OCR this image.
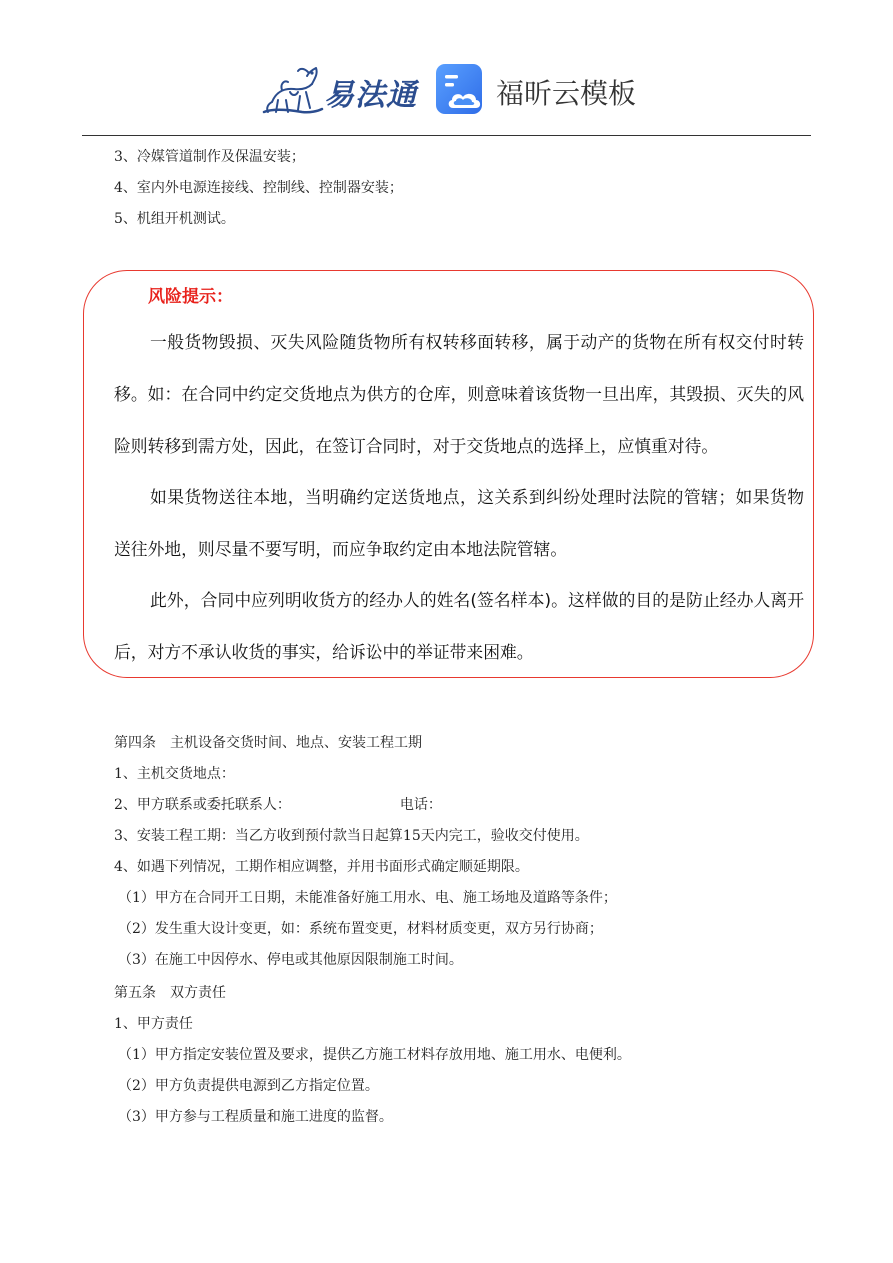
易法通	福昕云模板
3、冷媒管道制作及保温安装；
4、室内外电源连接线、控制线、控制器安装；
5、机组开机测试。
风险提示：
一般货物毁损、灭失风险随货物所有权转移面转移，属于动产的货物在所有权交付时转移。如：在合同中约定交货地点为供方的仓库，则意味着该货物一旦出库，其毁损、灭失的风险则转移到需方处，因此，在签订合同时，对于交货地点的选择上，应慎重对待。
如果货物送往本地，当明确约定送货地点，这关系到纠纷处理时法院的管辖；如果货物送往外地，则尽量不要写明，而应争取约定由本地法院管辖。
此外，合同中应列明收货方的经办人的姓名(签名样本)。这样做的目的是防止经办人离开后，对方不承认收货的事实，给诉讼中的举证带来困难。
第四条　主机设备交货时间、地点、安装工程工期
1、主机交货地点：
2、甲方联系或委托联系人：	电话：
3、安装工程工期：当乙方收到预付款当日起算15天内完工，验收交付使用。
4、如遇下列情况，工期作相应调整，并用书面形式确定顺延期限。
（1）甲方在合同开工日期，未能准备好施工用水、电、施工场地及道路等条件；
（2）发生重大设计变更，如：系统布置变更，材料材质变更，双方另行协商；
（3）在施工中因停水、停电或其他原因限制施工时间。
第五条　双方责任
1、甲方责任
（1）甲方指定安装位置及要求，提供乙方施工材料存放用地、施工用水、电便利。
（2）甲方负责提供电源到乙方指定位置。
（3）甲方参与工程质量和施工进度的监督。
